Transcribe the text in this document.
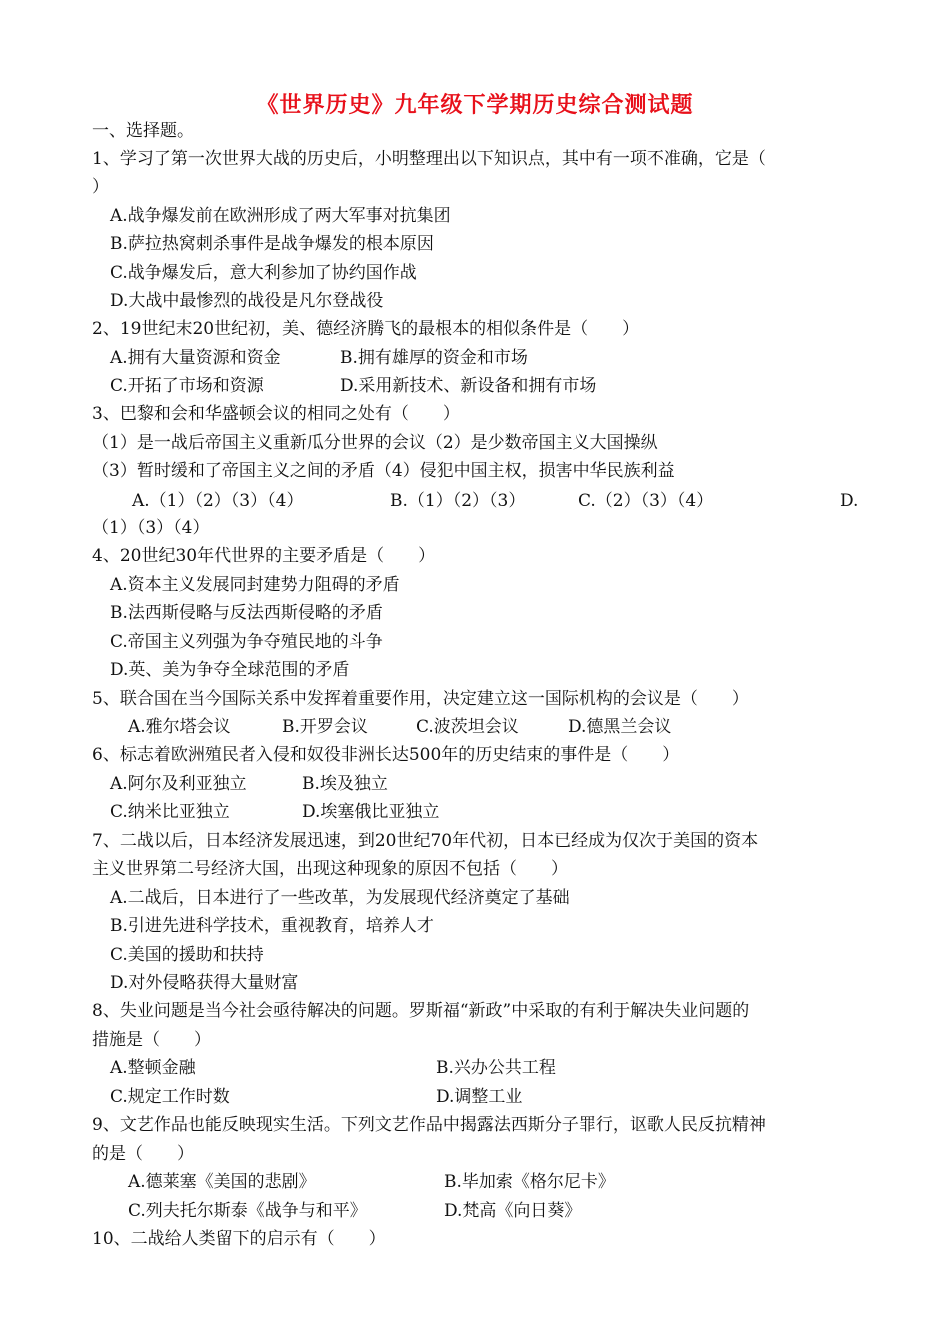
《世界历史》九年级下学期历史综合测试题
一、选择题。
1、学习了第一次世界大战的历史后，小明整理出以下知识点，其中有一项不准确，它是（
）
A.战争爆发前在欧洲形成了两大军事对抗集团
B.萨拉热窝刺杀事件是战争爆发的根本原因
C.战争爆发后，意大利参加了协约国作战
D.大战中最惨烈的战役是凡尔登战役
2、19世纪末20世纪初，美、德经济腾飞的最根本的相似条件是（　　）
A.拥有大量资源和资金	B.拥有雄厚的资金和市场
C.开拓了市场和资源	D.采用新技术、新设备和拥有市场
3、巴黎和会和华盛顿会议的相同之处有（　　）
（1）是一战后帝国主义重新瓜分世界的会议（2）是少数帝国主义大国操纵
（3）暂时缓和了帝国主义之间的矛盾（4）侵犯中国主权，损害中华民族利益
A.（1）（2）（3）（4）	B.（1）（2）（3）	C.（2）（3）（4）	D.
（1）（3）（4）
4、20世纪30年代世界的主要矛盾是（　　）
A.资本主义发展同封建势力阻碍的矛盾
B.法西斯侵略与反法西斯侵略的矛盾
C.帝国主义列强为争夺殖民地的斗争
D.英、美为争夺全球范围的矛盾
5、联合国在当今国际关系中发挥着重要作用，决定建立这一国际机构的会议是（　　）
A.雅尔塔会议	B.开罗会议	C.波茨坦会议	D.德黑兰会议
6、标志着欧洲殖民者入侵和奴役非洲长达500年的历史结束的事件是（　　）
A.阿尔及利亚独立	B.埃及独立
C.纳米比亚独立	D.埃塞俄比亚独立
7、二战以后，日本经济发展迅速，到20世纪70年代初，日本已经成为仅次于美国的资本
主义世界第二号经济大国，出现这种现象的原因不包括（　　）
A.二战后，日本进行了一些改革，为发展现代经济奠定了基础
B.引进先进科学技术，重视教育，培养人才
C.美国的援助和扶持
D.对外侵略获得大量财富
8、失业问题是当今社会亟待解决的问题。罗斯福“新政”中采取的有利于解决失业问题的
措施是（　　）
A.整顿金融	B.兴办公共工程
C.规定工作时数	D.调整工业
9、文艺作品也能反映现实生活。下列文艺作品中揭露法西斯分子罪行，讴歌人民反抗精神
的是（　　）
A.德莱塞《美国的悲剧》	B.毕加索《格尔尼卡》
C.列夫托尔斯泰《战争与和平》	D.梵高《向日葵》
10、二战给人类留下的启示有（　　）
